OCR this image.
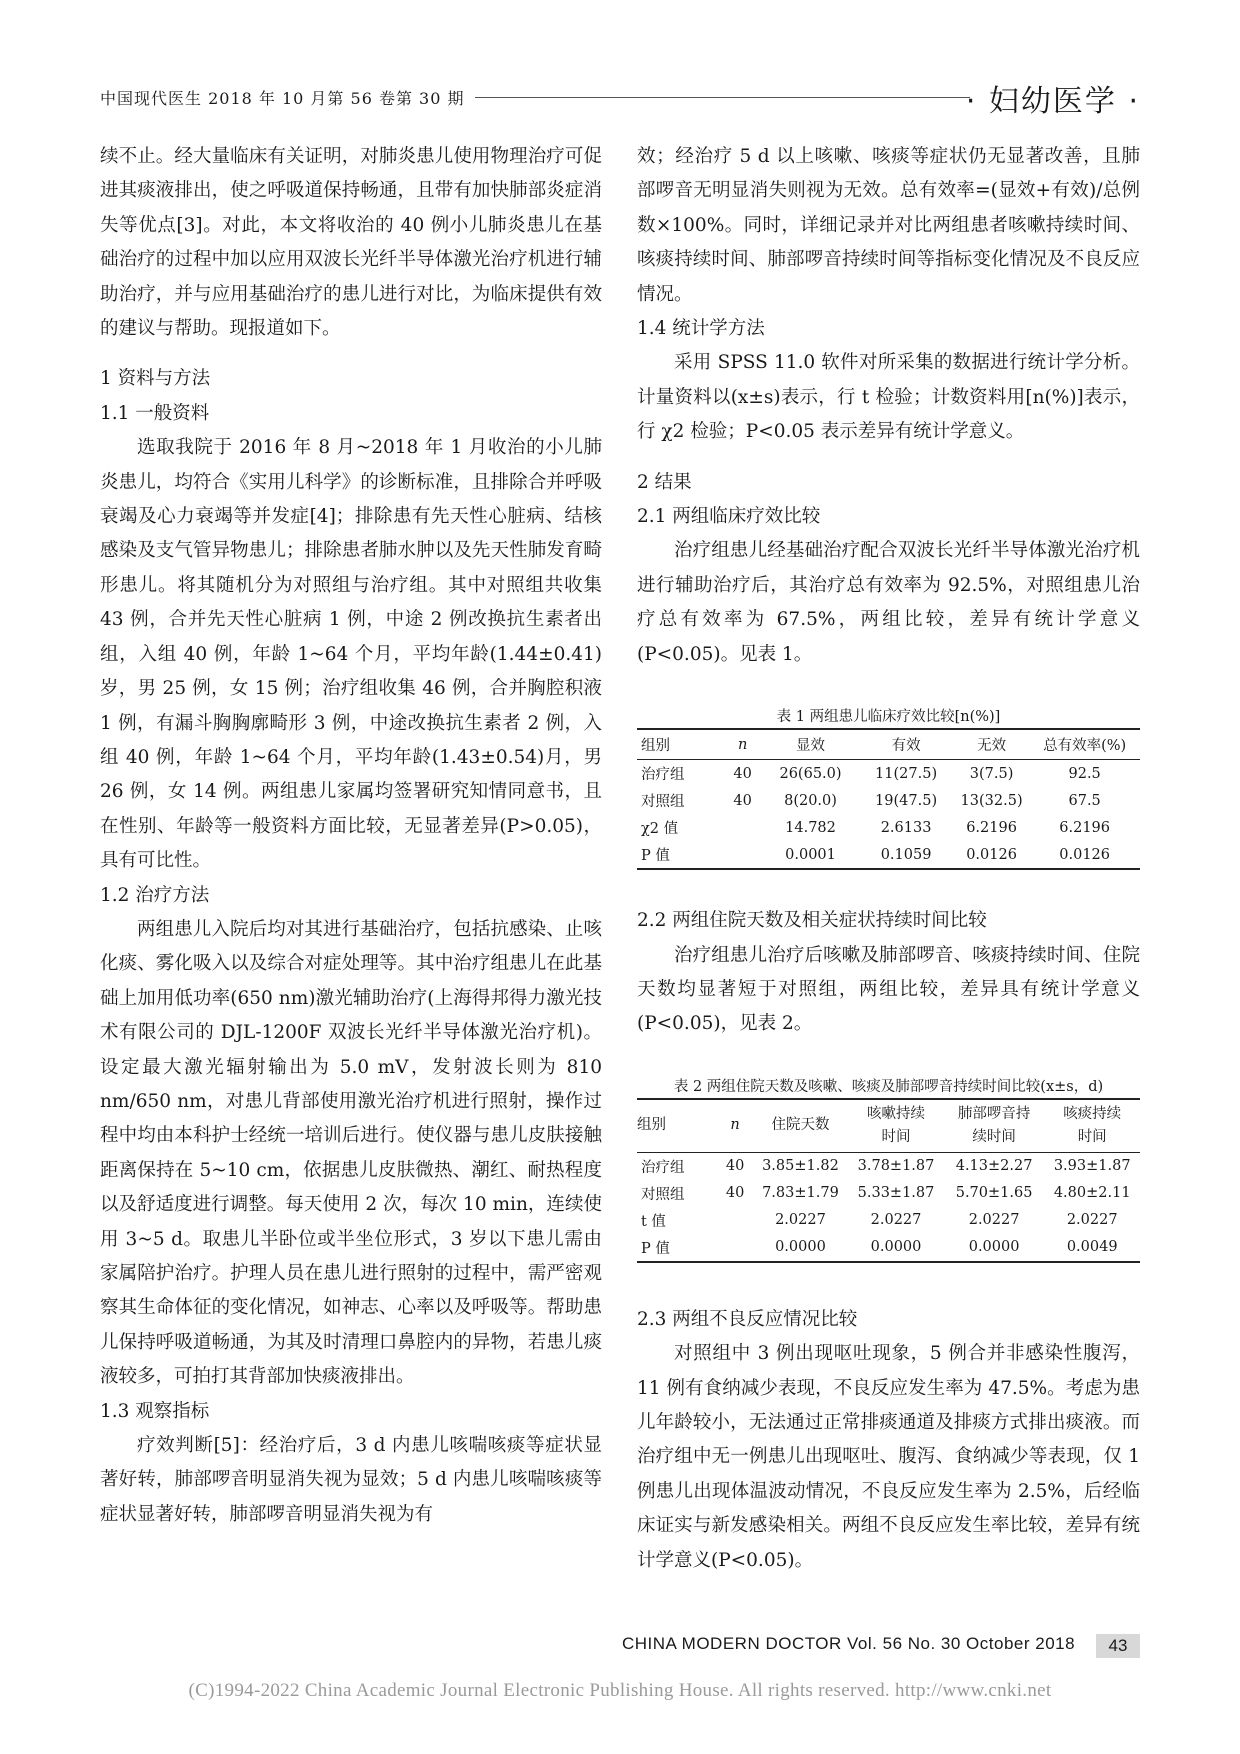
中国现代医生 2018 年 10 月第 56 卷第 30 期	· 妇幼医学 ·

续不止。经大量临床有关证明，对肺炎患儿使用物理治疗可促进其痰液排出，使之呼吸道保持畅通，且带有加快肺部炎症消失等优点[3]。对此，本文将收治的 40 例小儿肺炎患儿在基础治疗的过程中加以应用双波长光纤半导体激光治疗机进行辅助治疗，并与应用基础治疗的患儿进行对比，为临床提供有效的建议与帮助。现报道如下。

1 资料与方法
1.1 一般资料

选取我院于 2016 年 8 月~2018 年 1 月收治的小儿肺炎患儿，均符合《实用儿科学》的诊断标准，且排除合并呼吸衰竭及心力衰竭等并发症[4]；排除患有先天性心脏病、结核感染及支气管异物患儿；排除患者肺水肿以及先天性肺发育畸形患儿。将其随机分为对照组与治疗组。其中对照组共收集 43 例，合并先天性心脏病 1 例，中途 2 例改换抗生素者出组，入组 40 例，年龄 1~64 个月，平均年龄(1.44±0.41)岁，男 25 例，女 15 例；治疗组收集 46 例，合并胸腔积液 1 例，有漏斗胸胸廓畸形 3 例，中途改换抗生素者 2 例，入组 40 例，年龄 1~64 个月，平均年龄(1.43±0.54)月，男 26 例，女 14 例。两组患儿家属均签署研究知情同意书，且在性别、年龄等一般资料方面比较，无显著差异(P>0.05)，具有可比性。

1.2 治疗方法

两组患儿入院后均对其进行基础治疗，包括抗感染、止咳化痰、雾化吸入以及综合对症处理等。其中治疗组患儿在此基础上加用低功率(650 nm)激光辅助治疗(上海得邦得力激光技术有限公司的 DJL-1200F 双波长光纤半导体激光治疗机)。设定最大激光辐射输出为 5.0 mV，发射波长则为 810 nm/650 nm，对患儿背部使用激光治疗机进行照射，操作过程中均由本科护士经统一培训后进行。使仪器与患儿皮肤接触距离保持在 5~10 cm，依据患儿皮肤微热、潮红、耐热程度以及舒适度进行调整。每天使用 2 次，每次 10 min，连续使用 3~5 d。取患儿半卧位或半坐位形式，3 岁以下患儿需由家属陪护治疗。护理人员在患儿进行照射的过程中，需严密观察其生命体征的变化情况，如神志、心率以及呼吸等。帮助患儿保持呼吸道畅通，为其及时清理口鼻腔内的异物，若患儿痰液较多，可拍打其背部加快痰液排出。

1.3 观察指标

疗效判断[5]：经治疗后，3 d 内患儿咳喘咳痰等症状显著好转，肺部啰音明显消失视为显效；5 d 内患儿咳喘咳痰等症状显著好转，肺部啰音明显消失视为有

效；经治疗 5 d 以上咳嗽、咳痰等症状仍无显著改善，且肺部啰音无明显消失则视为无效。总有效率=(显效+有效)/总例数×100%。同时，详细记录并对比两组患者咳嗽持续时间、咳痰持续时间、肺部啰音持续时间等指标变化情况及不良反应情况。

1.4 统计学方法

采用 SPSS 11.0 软件对所采集的数据进行统计学分析。计量资料以(x±s)表示，行 t 检验；计数资料用[n(%)]表示，行 χ2 检验；P<0.05 表示差异有统计学意义。

2 结果
2.1 两组临床疗效比较

治疗组患儿经基础治疗配合双波长光纤半导体激光治疗机进行辅助治疗后，其治疗总有效率为 92.5%，对照组患儿治疗总有效率为 67.5%，两组比较，差异有统计学意义(P<0.05)。见表 1。

表 1 两组患儿临床疗效比较[n(%)]
组别	n	显效	有效	无效	总有效率(%)
治疗组	40	26(65.0)	11(27.5)	3(7.5)	92.5
对照组	40	8(20.0)	19(47.5)	13(32.5)	67.5
χ2 值		14.782	2.6133	6.2196	6.2196
P 值		0.0001	0.1059	0.0126	0.0126
2.2 两组住院天数及相关症状持续时间比较

治疗组患儿治疗后咳嗽及肺部啰音、咳痰持续时间、住院天数均显著短于对照组，两组比较，差异具有统计学意义(P<0.05)，见表 2。

表 2 两组住院天数及咳嗽、咳痰及肺部啰音持续时间比较(x±s，d)
组别	n	住院天数	咳嗽持续时间	肺部啰音持续时间	咳痰持续时间
治疗组	40	3.85±1.82	3.78±1.87	4.13±2.27	3.93±1.87
对照组	40	7.83±1.79	5.33±1.87	5.70±1.65	4.80±2.11
t 值		2.0227	2.0227	2.0227	2.0227
P 值		0.0000	0.0000	0.0000	0.0049
2.3 两组不良反应情况比较

对照组中 3 例出现呕吐现象，5 例合并非感染性腹泻，11 例有食纳减少表现，不良反应发生率为 47.5%。考虑为患儿年龄较小，无法通过正常排痰通道及排痰方式排出痰液。而治疗组中无一例患儿出现呕吐、腹泻、食纳减少等表现，仅 1 例患儿出现体温波动情况，不良反应发生率为 2.5%，后经临床证实与新发感染相关。两组不良反应发生率比较，差异有统计学意义(P<0.05)。

CHINA MODERN DOCTOR Vol. 56 No. 30 October 2018	43
(C)1994-2022 China Academic Journal Electronic Publishing House. All rights reserved. http://www.cnki.net
